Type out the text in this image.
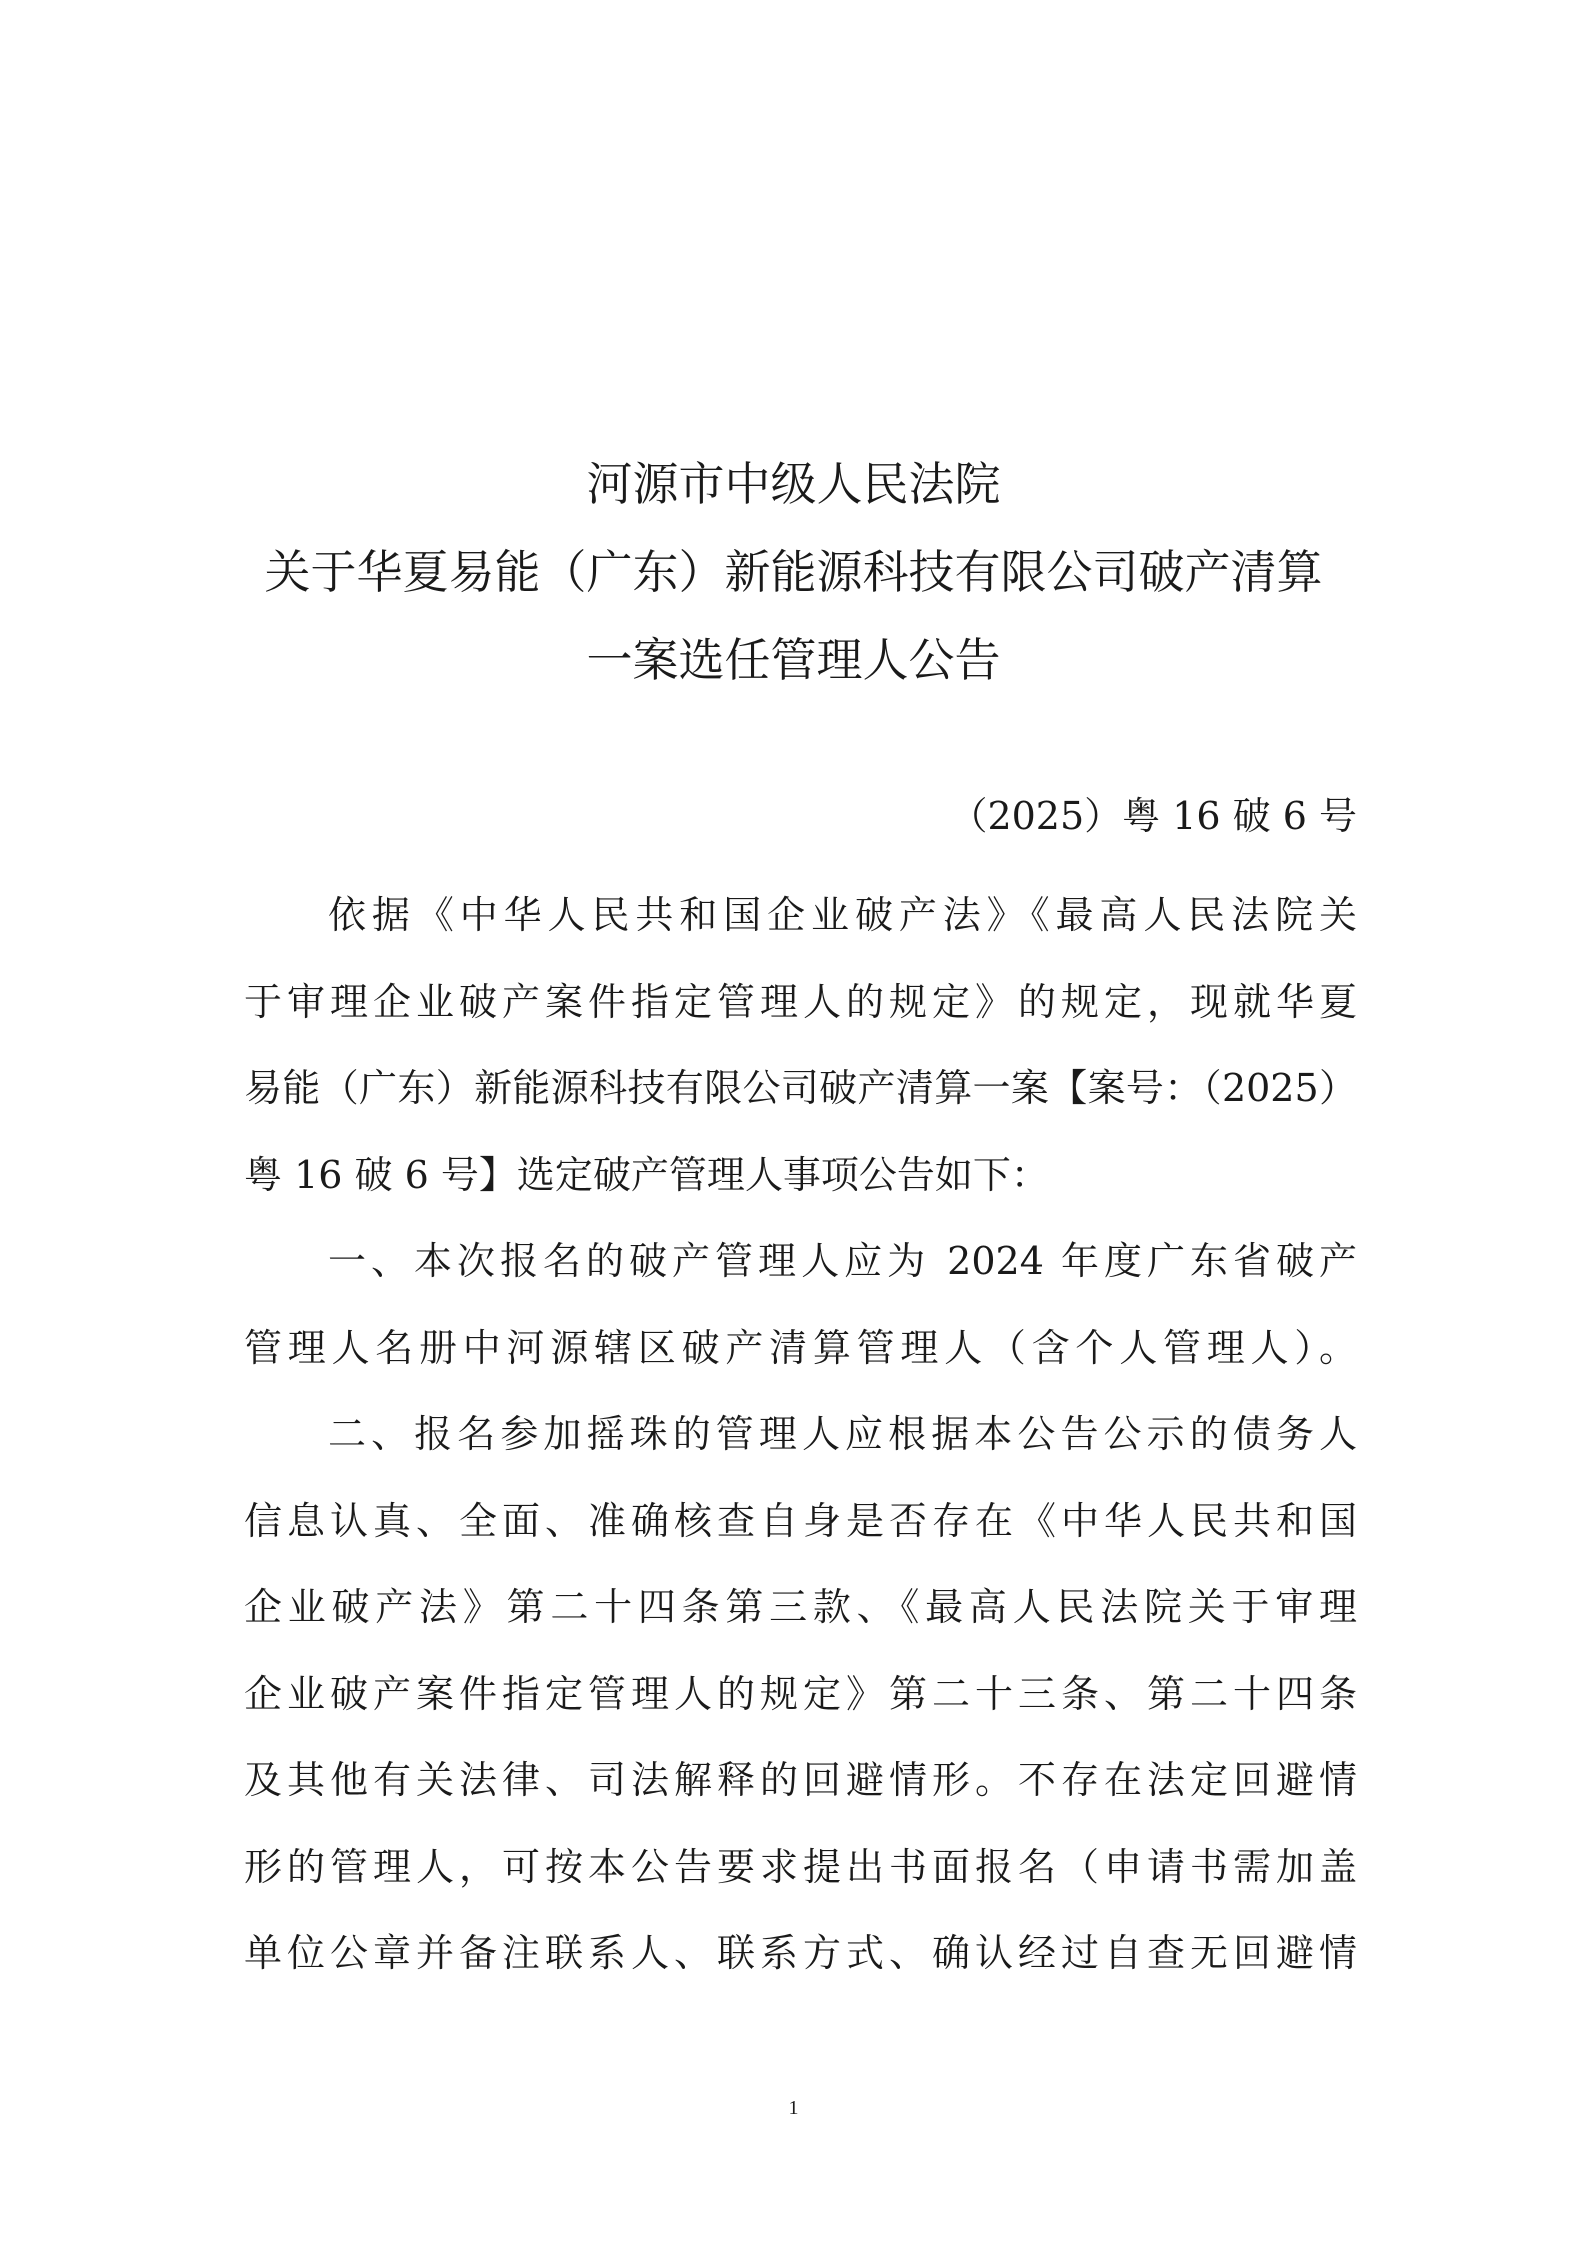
河源市中级人民法院
关于华夏易能（广东）新能源科技有限公司破产清算
一案选任管理人公告
（2025）粤 16 破 6 号
依据《中华人民共和国企业破产法》《最高人民法院关
于审理企业破产案件指定管理人的规定》的规定，现就华夏
易能（广东）新能源科技有限公司破产清算一案【案号：（2025）
粤 16 破 6 号】选定破产管理人事项公告如下：
一、本次报名的破产管理人应为 2024 年度广东省破产
管理人名册中河源辖区破产清算管理人（含个人管理人）。
二、报名参加摇珠的管理人应根据本公告公示的债务人
信息认真、全面、准确核查自身是否存在《中华人民共和国
企业破产法》第二十四条第三款、《最高人民法院关于审理
企业破产案件指定管理人的规定》第二十三条、第二十四条
及其他有关法律、司法解释的回避情形。不存在法定回避情
形的管理人，可按本公告要求提出书面报名（申请书需加盖
单位公章并备注联系人、联系方式、确认经过自查无回避情
1
